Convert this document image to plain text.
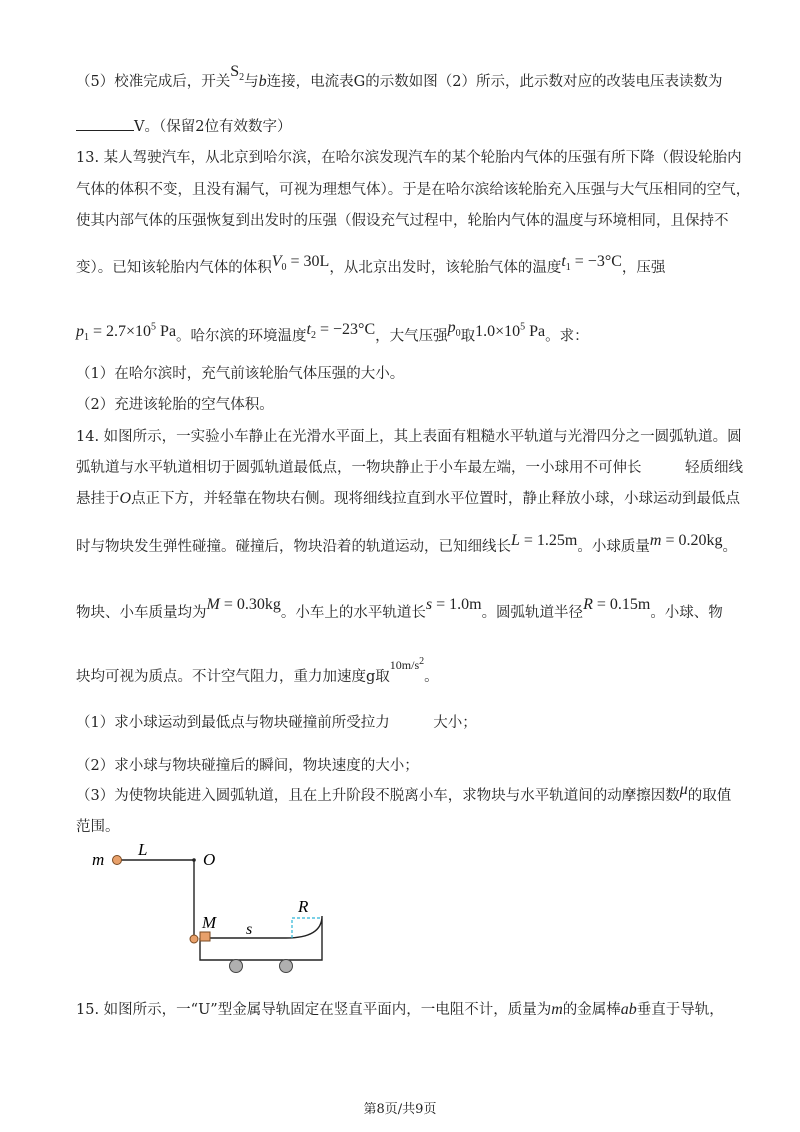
（5）校准完成后，开关$S_2$与b连接，电流表G的示数如图（2）所示，此示数对应的改装电压表读数为
V。（保留2位有效数字）
13. 某人驾驶汽车，从北京到哈尔滨，在哈尔滨发现汽车的某个轮胎内气体的压强有所下降（假设轮胎内
气体的体积不变，且没有漏气，可视为理想气体）。于是在哈尔滨给该轮胎充入压强与大气压相同的空气，
使其内部气体的压强恢复到出发时的压强（假设充气过程中，轮胎内气体的温度与环境相同，且保持不
变）。已知该轮胎内气体的体积$V_0 = 30L$，从北京出发时，该轮胎气体的温度$t_1 = -3^\circ C$，压强
$p_1 = 2.7\times 10^5$ Pa。哈尔滨的环境温度$t_2 = -23^\circ C$，大气压强$p_0$取$1.0\times 10^5$ Pa。求：
（1）在哈尔滨时，充气前该轮胎气体压强的大小。
（2）充进该轮胎的空气体积。
14. 如图所示，一实验小车静止在光滑水平面上，其上表面有粗糙水平轨道与光滑四分之一圆弧轨道。圆
弧轨道与水平轨道相切于圆弧轨道最低点，一物块静止于小车最左端，一小球用不可伸长　　　轻质细线
悬挂于O点正下方，并轻靠在物块右侧。现将细线拉直到水平位置时，静止释放小球，小球运动到最低点
时与物块发生弹性碰撞。碰撞后，物块沿着的轨道运动，已知细线长L = 1.25m。小球质量m = 0.20kg。
物块、小车质量均为M = 0.30kg。小车上的水平轨道长s = 1.0m。圆弧轨道半径R = 0.15m。小球、物
块均可视为质点。不计空气阻力，重力加速度g取$^{10m/s^2}$。
（1）求小球运动到最低点与物块碰撞前所受拉力　　　大小；
（2）求小球与物块碰撞后的瞬间，物块速度的大小；
（3）为使物块能进入圆弧轨道，且在上升阶段不脱离小车，求物块与水平轨道间的动摩擦因数μ的取值
范围。
m
L
O
M s
R
15. 如图所示，一“U”型金属导轨固定在竖直平面内，一电阻不计，质量为m的金属棒ab垂直于导轨，
第8页/共9页
